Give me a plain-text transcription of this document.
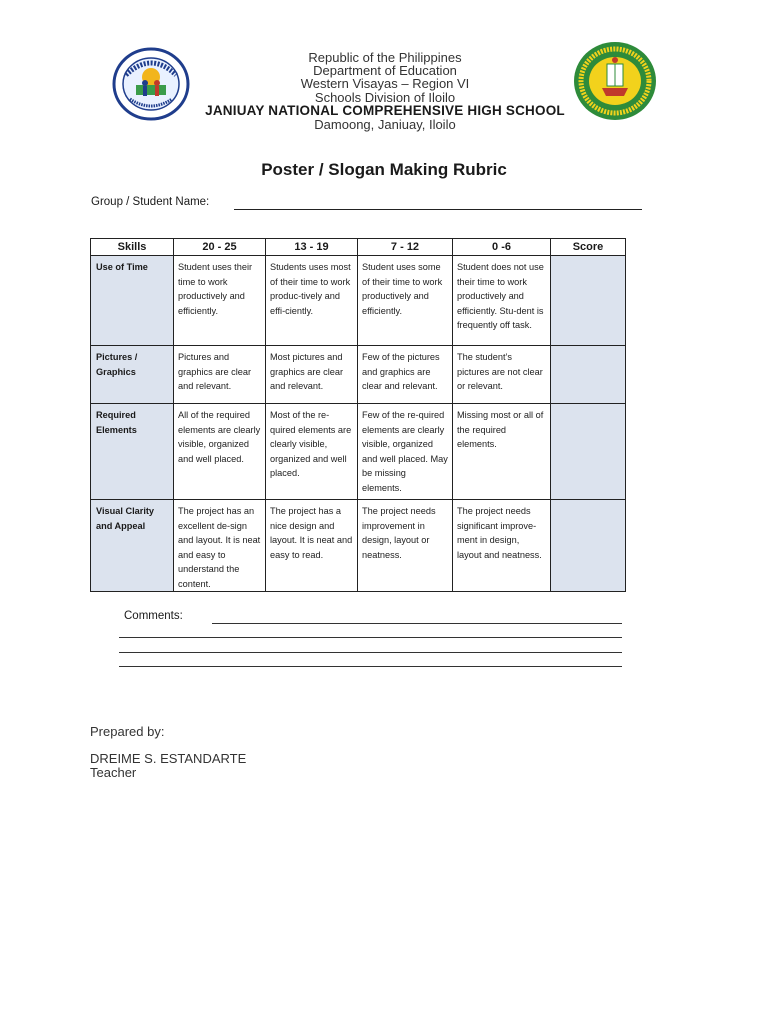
Republic of the Philippines
Department of Education
Western Visayas – Region VI
Schools Division of Iloilo
JANIUAY NATIONAL COMPREHENSIVE HIGH SCHOOL
Damoong, Janiuay, Iloilo
Poster / Slogan Making Rubric
Group / Student Name:
Skills	20 - 25	13 - 19	7 - 12	0 -6	Score
Use of Time	Student uses their time to work productively and efficiently.	Students uses most of their time to work produc-tively and effi-ciently.	Student uses some of their time to work productively and efficiently.	Student does not use their time to work productively and efficiently. Stu-dent is frequently off task.	
Pictures / Graphics	Pictures and graphics are clear and relevant.	Most pictures and graphics are clear and relevant.	Few of the pictures and graphics are clear and relevant.	The student’s pictures are not clear or relevant.	
Required Elements	All of the required elements are clearly visible, organized and well placed.	Most of the re-quired elements are clearly visible, organized and well placed.	Few of the re-quired elements are clearly visible, organized and well placed. May be missing elements.	Missing most or all of the required elements.	
Visual Clarity and Appeal	The project has an excellent de-sign and layout. It is neat and easy to understand the content.	The project has a nice design and layout. It is neat and easy to read.	The project needs improvement in design, layout or neatness.	The project needs significant improve-ment in design, layout and neatness.	
Comments:
Prepared by:
DREIME S. ESTANDARTE
Teacher
